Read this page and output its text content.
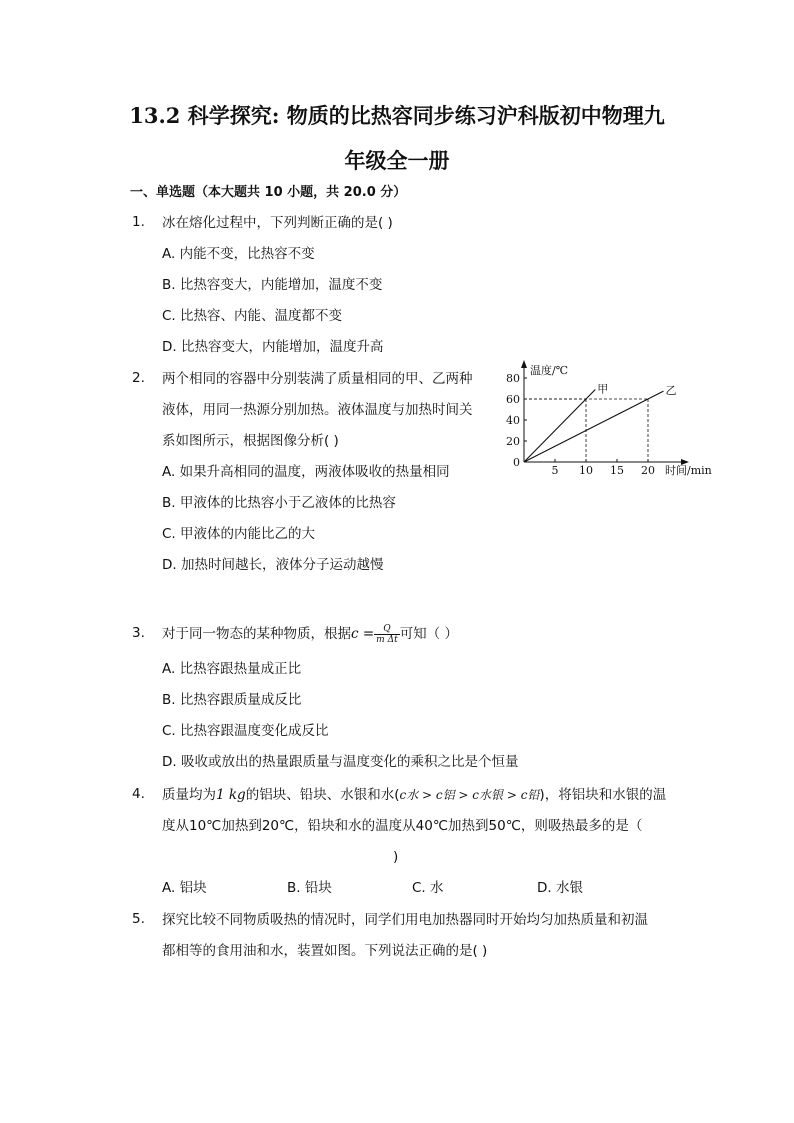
13.2 科学探究: 物质的比热容同步练习沪科版初中物理九
年级全一册
一、单选题（本大题共 10 小题，共 20.0 分）
1. 冰在熔化过程中，下列判断正确的是( )
A. 内能不变，比热容不变
B. 比热容变大，内能增加，温度不变
C. 比热容、内能、温度都不变
D. 比热容变大，内能增加，温度升高
2. 两个相同的容器中分别装满了质量相同的甲、乙两种
液体，用同一热源分别加热。液体温度与加热时间关
系如图所示，根据图像分析( )
A. 如果升高相同的温度，两液体吸收的热量相同
B. 甲液体的比热容小于乙液体的比热容
C. 甲液体的内能比乙的大
D. 加热时间越长，液体分子运动越慢
0
20
40
60
80
5 10 15 20
温度/℃
时间/min
甲	乙
3. 对于同一物态的某种物质，根据$c = \frac{Q}{\text{m Δt}}$ 可知（ ）
A. 比热容跟热量成正比
B. 比热容跟质量成反比
C. 比热容跟温度变化成反比
D. 吸收或放出的热量跟质量与温度变化的乘积之比是个恒量
4. 质量均为1 kg的铝块、铅块、水银和水(c水 > c铝 > c水银 > c铅)，将铝块和水银的温
度从10℃加热到20℃，铅块和水的温度从40℃加热到50℃，则吸热最多的是（
)
A. 铝块	B. 铅块	C. 水	D. 水银
5. 探究比较不同物质吸热的情况时，同学们用电加热器同时开始均匀加热质量和初温
都相等的食用油和水，装置如图。下列说法正确的是( )
